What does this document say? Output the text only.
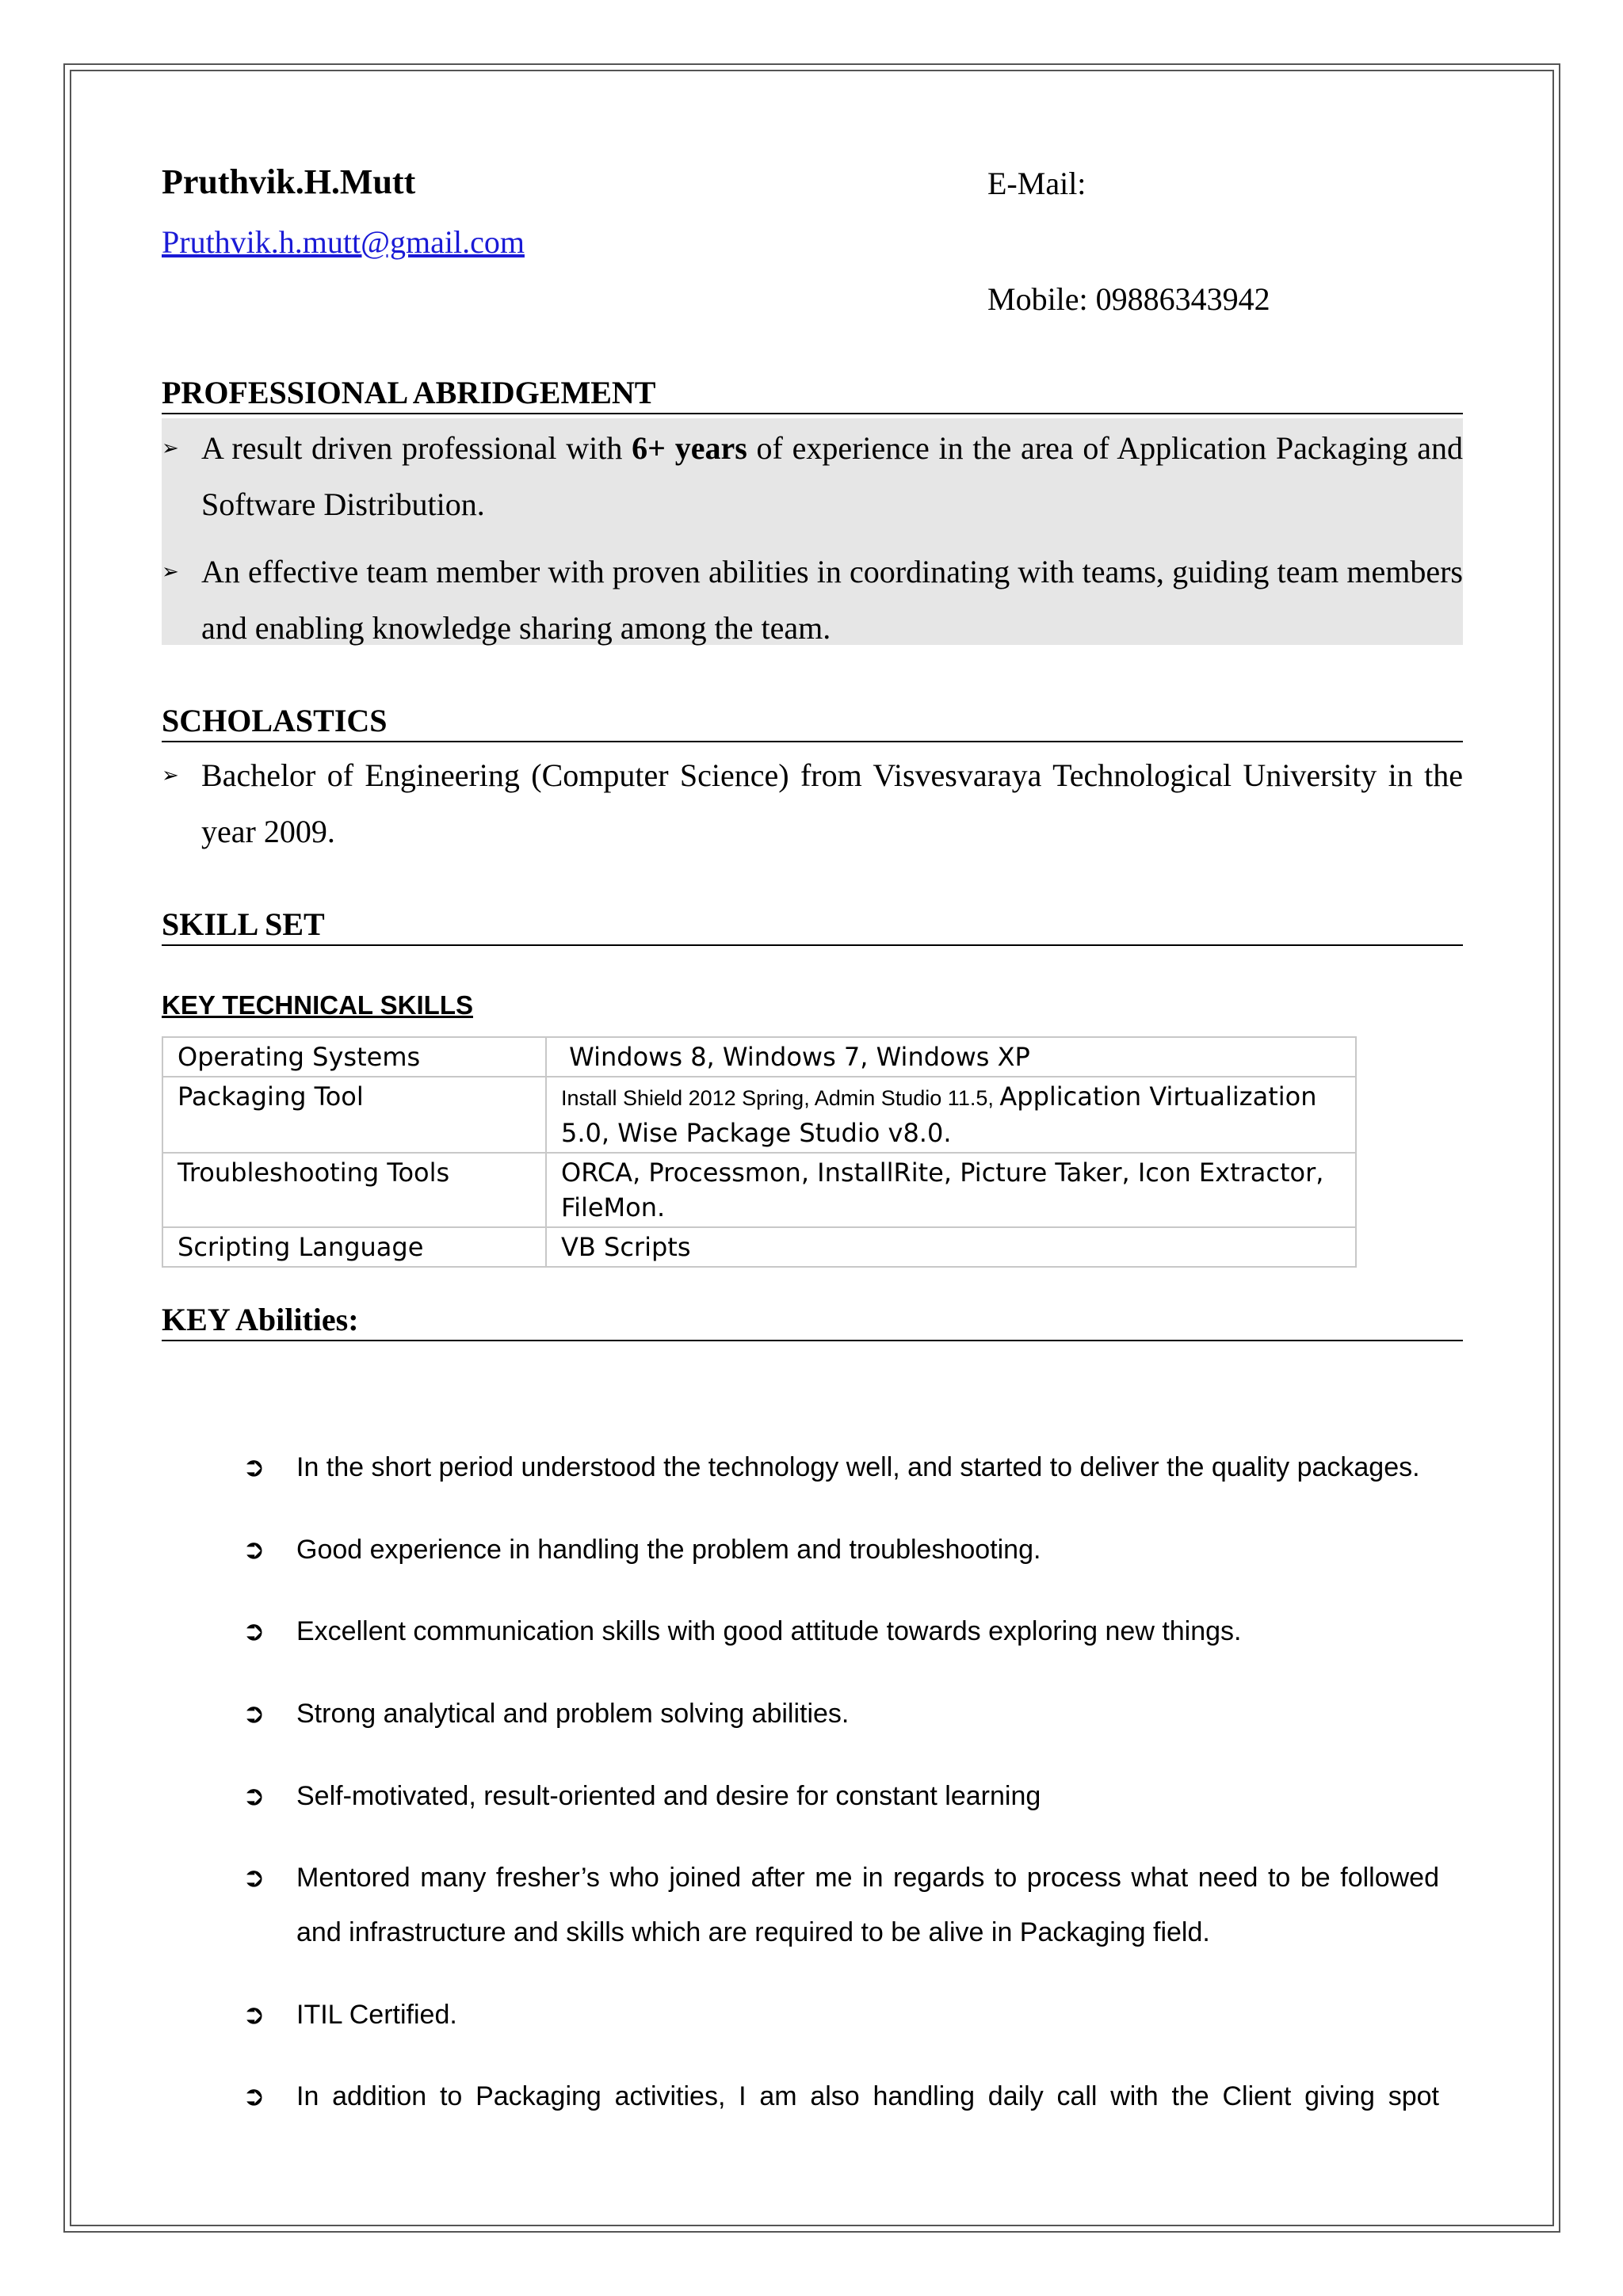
Pruthvik.H.Mutt	E-Mail:
Pruthvik.h.mutt@gmail.com
Mobile: 09886343942
PROFESSIONAL ABRIDGEMENT
➢ A result driven professional with 6+ years of experience in the area of Application Packaging and Software Distribution.
➢ An effective team member with proven abilities in coordinating with teams, guiding team members and enabling knowledge sharing among the team.
SCHOLASTICS
➢ Bachelor of Engineering (Computer Science) from Visvesvaraya Technological University in the year 2009.
SKILL SET
KEY TECHNICAL SKILLS
Operating Systems	Windows 8, Windows 7, Windows XP
Packaging Tool	Install Shield 2012 Spring, Admin Studio 11.5, Application Virtualization 5.0, Wise Package Studio v8.0.
Troubleshooting Tools	ORCA, Processmon, InstallRite, Picture Taker, Icon Extractor, FileMon.
Scripting Language	VB Scripts
KEY Abilities:
➲ In the short period understood the technology well, and started to deliver the quality packages.
➲ Good experience in handling the problem and troubleshooting.
➲ Excellent communication skills with good attitude towards exploring new things.
➲ Strong analytical and problem solving abilities.
➲ Self-motivated, result-oriented and desire for constant learning
➲ Mentored many fresher’s who joined after me in regards to process what need to be followed and infrastructure and skills which are required to be alive in Packaging field.
➲ ITIL Certified.
➲ In addition to Packaging activities, I am also handling daily call with the Client giving spot
